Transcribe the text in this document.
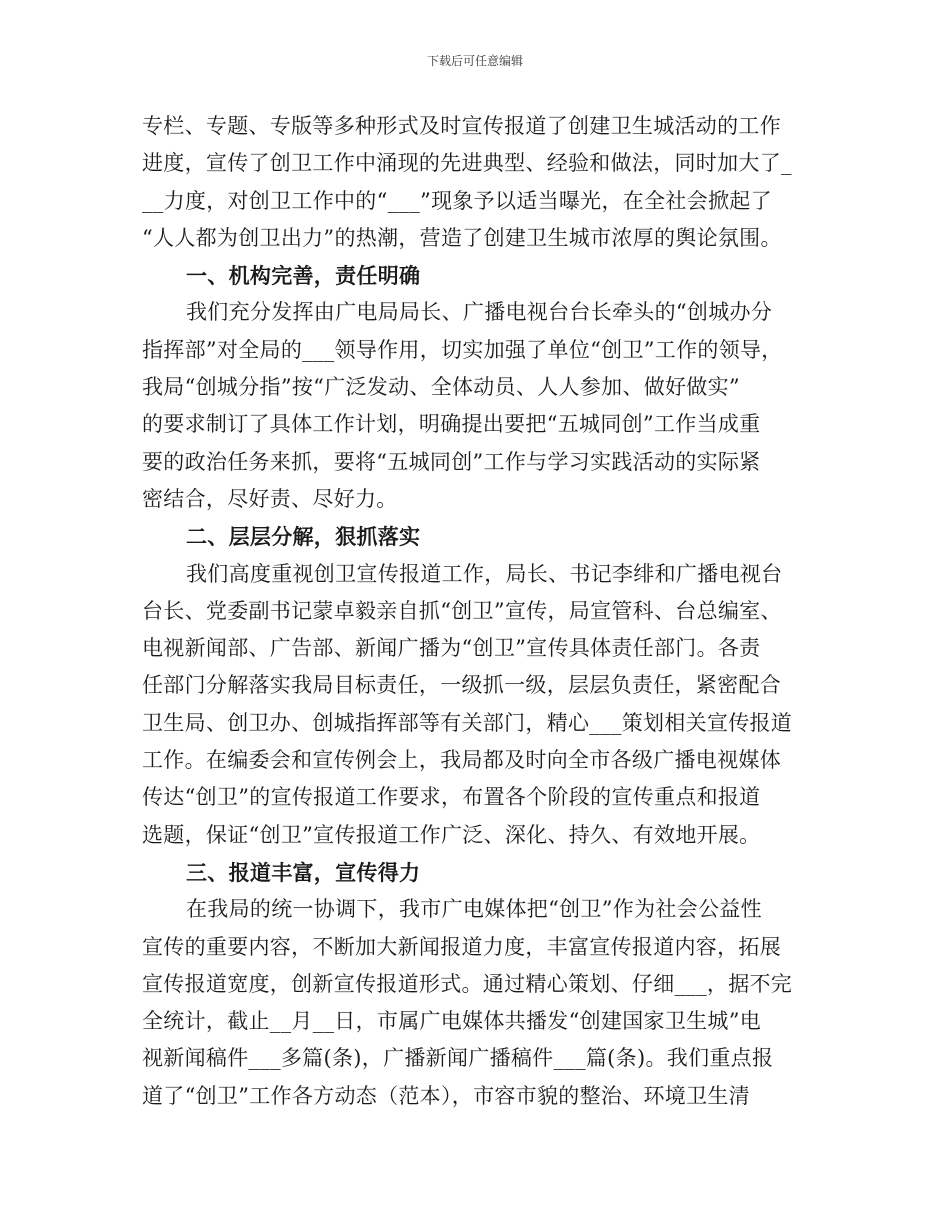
下载后可任意编辑
专栏、专题、专版等多种形式及时宣传报道了创建卫生城活动的工作
进度，宣传了创卫工作中涌现的先进典型、经验和做法，同时加大了_
__力度，对创卫工作中的“___”现象予以适当曝光，在全社会掀起了
“人人都为创卫出力”的热潮，营造了创建卫生城市浓厚的舆论氛围。
一、机构完善，责任明确
我们充分发挥由广电局局长、广播电视台台长牵头的“创城办分
指挥部”对全局的___领导作用，切实加强了单位“创卫”工作的领导，
我局“创城分指”按“广泛发动、全体动员、人人参加、做好做实”
的要求制订了具体工作计划，明确提出要把“五城同创”工作当成重
要的政治任务来抓，要将“五城同创”工作与学习实践活动的实际紧
密结合，尽好责、尽好力。
二、层层分解，狠抓落实
我们高度重视创卫宣传报道工作，局长、书记李绯和广播电视台
台长、党委副书记蒙卓毅亲自抓“创卫”宣传，局宣管科、台总编室、
电视新闻部、广告部、新闻广播为“创卫”宣传具体责任部门。各责
任部门分解落实我局目标责任，一级抓一级，层层负责任，紧密配合
卫生局、创卫办、创城指挥部等有关部门，精心___策划相关宣传报道
工作。在编委会和宣传例会上，我局都及时向全市各级广播电视媒体
传达“创卫”的宣传报道工作要求，布置各个阶段的宣传重点和报道
选题，保证“创卫”宣传报道工作广泛、深化、持久、有效地开展。
三、报道丰富，宣传得力
在我局的统一协调下，我市广电媒体把“创卫”作为社会公益性
宣传的重要内容，不断加大新闻报道力度，丰富宣传报道内容，拓展
宣传报道宽度，创新宣传报道形式。通过精心策划、仔细___，据不完
全统计，截止__月__日，市属广电媒体共播发“创建国家卫生城”电
视新闻稿件___多篇(条)，广播新闻广播稿件___篇(条)。我们重点报
道了“创卫”工作各方动态（范本），市容市貌的整治、环境卫生清
